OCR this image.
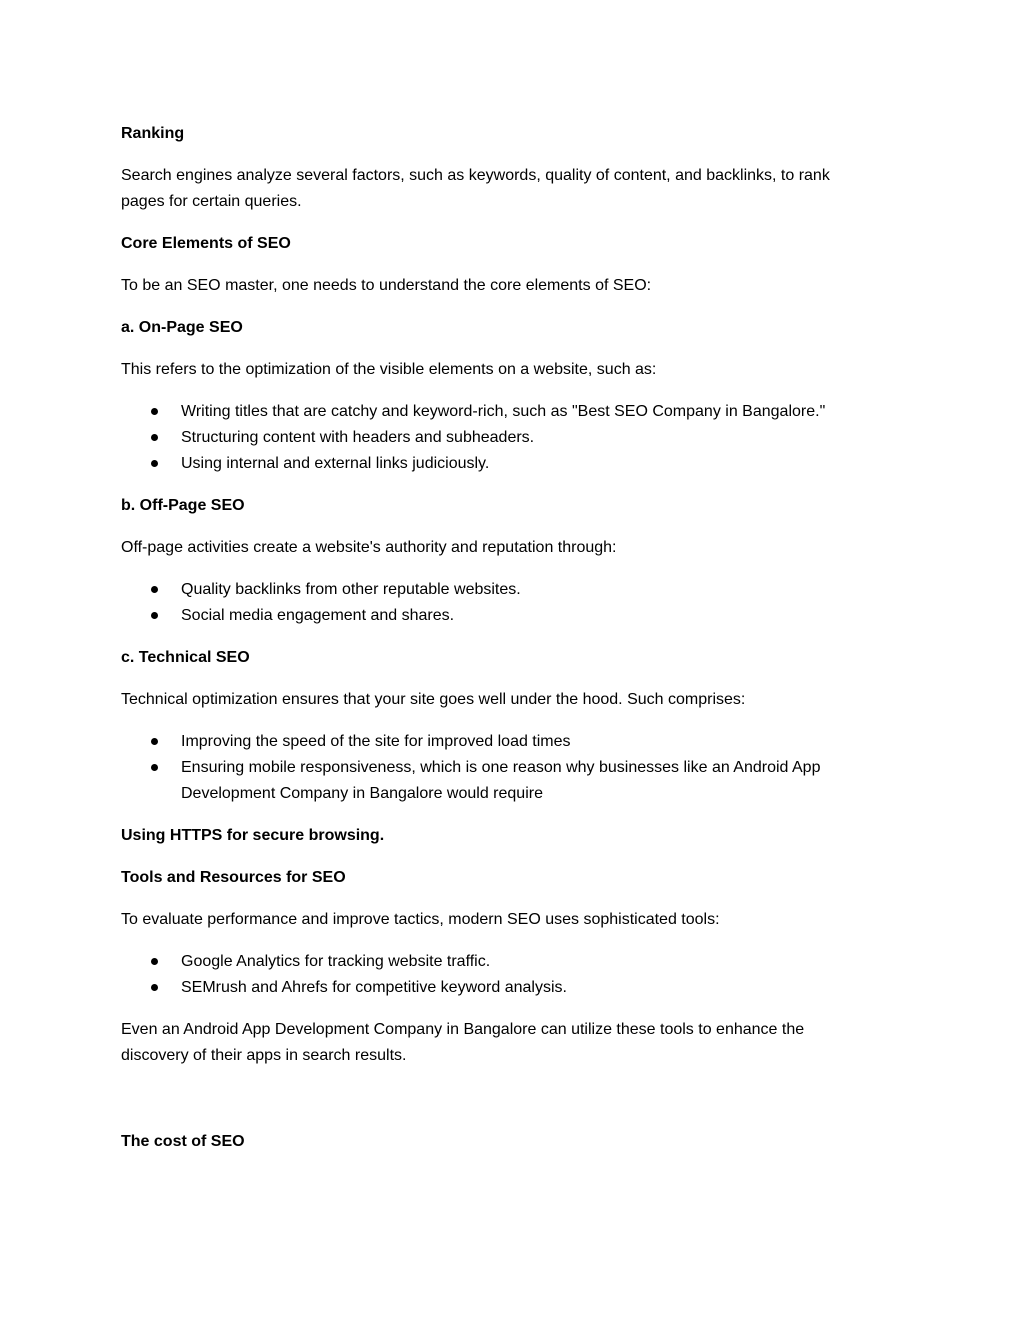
Ranking

Search engines analyze several factors, such as keywords, quality of content, and backlinks, to rank pages for certain queries.

Core Elements of SEO

To be an SEO master, one needs to understand the core elements of SEO:

a. On-Page SEO

This refers to the optimization of the visible elements on a website, such as:

Writing titles that are catchy and keyword-rich, such as "Best SEO Company in Bangalore."
Structuring content with headers and subheaders.
Using internal and external links judiciously.

b. Off-Page SEO

Off-page activities create a website's authority and reputation through:

Quality backlinks from other reputable websites.
Social media engagement and shares.

c. Technical SEO

Technical optimization ensures that your site goes well under the hood. Such comprises:

Improving the speed of the site for improved load times
Ensuring mobile responsiveness, which is one reason why businesses like an Android App Development Company in Bangalore would require

Using HTTPS for secure browsing.

Tools and Resources for SEO

To evaluate performance and improve tactics, modern SEO uses sophisticated tools:

Google Analytics for tracking website traffic.
SEMrush and Ahrefs for competitive keyword analysis.

Even an Android App Development Company in Bangalore can utilize these tools to enhance the discovery of their apps in search results.

The cost of SEO
